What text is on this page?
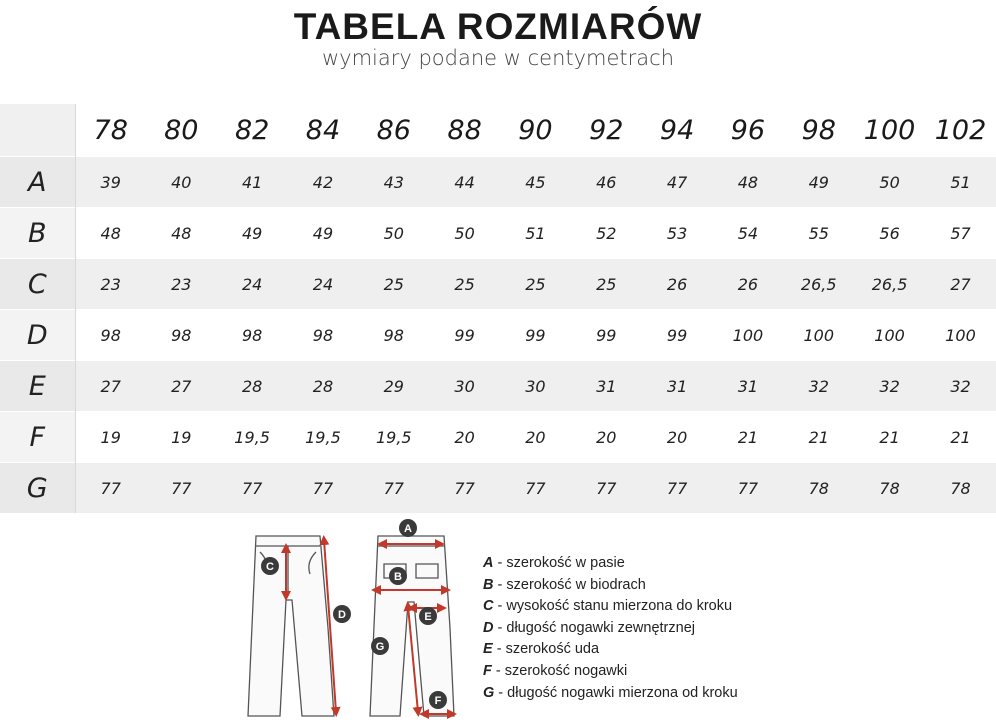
TABELA ROZMIARÓW
wymiary podane w centymetrach
	78	80	82	84	86	88	90	92	94	96	98	100	102
A	39	40	41	42	43	44	45	46	47	48	49	50	51
B	48	48	49	49	50	50	51	52	53	54	55	56	57
C	23	23	24	24	25	25	25	25	26	26	26,5	26,5	27
D	98	98	98	98	98	99	99	99	99	100	100	100	100
E	27	27	28	28	29	30	30	31	31	31	32	32	32
F	19	19	19,5	19,5	19,5	20	20	20	20	21	21	21	21
G	77	77	77	77	77	77	77	77	77	77	78	78	78
A
B
C
D	E
G
F
A - szerokość w pasie
B - szerokość w biodrach
C - wysokość stanu mierzona do kroku
D - długość nogawki zewnętrznej
E - szerokość uda
F - szerokość nogawki
G - długość nogawki mierzona od kroku
